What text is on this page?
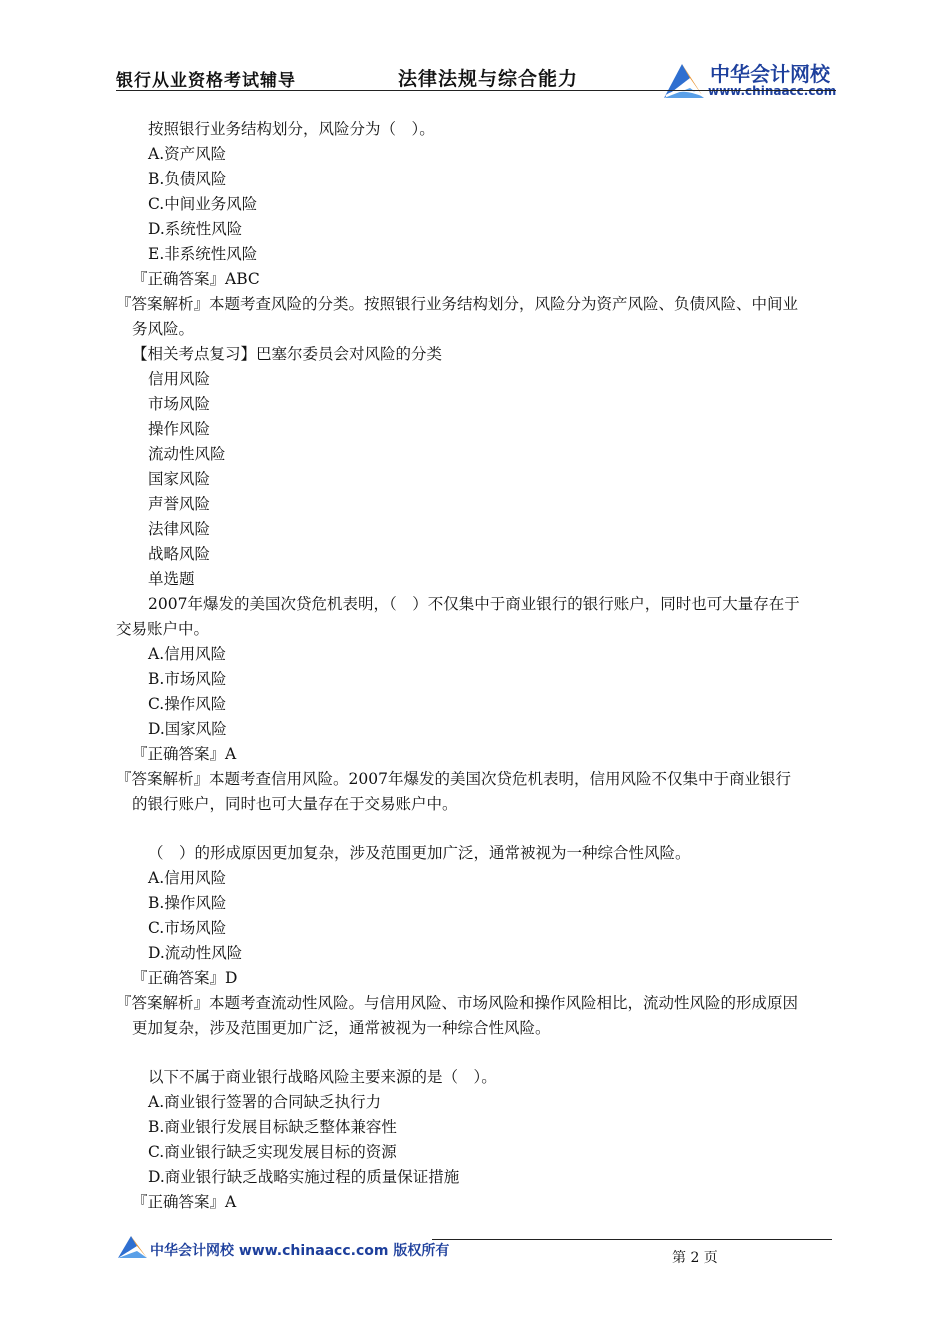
银行从业资格考试辅导	法律法规与综合能力	中华会计网校
www.chinaacc.com
按照银行业务结构划分，风险分为（　）。
A.资产风险
B.负债风险
C.中间业务风险
D.系统性风险
E.非系统性风险
『正确答案』ABC
『答案解析』本题考查风险的分类。按照银行业务结构划分，风险分为资产风险、负债风险、中间业
务风险。
【相关考点复习】巴塞尔委员会对风险的分类
信用风险
市场风险
操作风险
流动性风险
国家风险
声誉风险
法律风险
战略风险
单选题
2007年爆发的美国次贷危机表明，（　）不仅集中于商业银行的银行账户，同时也可大量存在于
交易账户中。
A.信用风险
B.市场风险
C.操作风险
D.国家风险
『正确答案』A
『答案解析』本题考查信用风险。2007年爆发的美国次贷危机表明，信用风险不仅集中于商业银行
的银行账户，同时也可大量存在于交易账户中。
（　）的形成原因更加复杂，涉及范围更加广泛，通常被视为一种综合性风险。
A.信用风险
B.操作风险
C.市场风险
D.流动性风险
『正确答案』D
『答案解析』本题考查流动性风险。与信用风险、市场风险和操作风险相比，流动性风险的形成原因
更加复杂，涉及范围更加广泛，通常被视为一种综合性风险。
以下不属于商业银行战略风险主要来源的是（　）。
A.商业银行签署的合同缺乏执行力
B.商业银行发展目标缺乏整体兼容性
C.商业银行缺乏实现发展目标的资源
D.商业银行缺乏战略实施过程的质量保证措施
『正确答案』A
中华会计网校 www.chinaacc.com 版权所有	第 2 页
